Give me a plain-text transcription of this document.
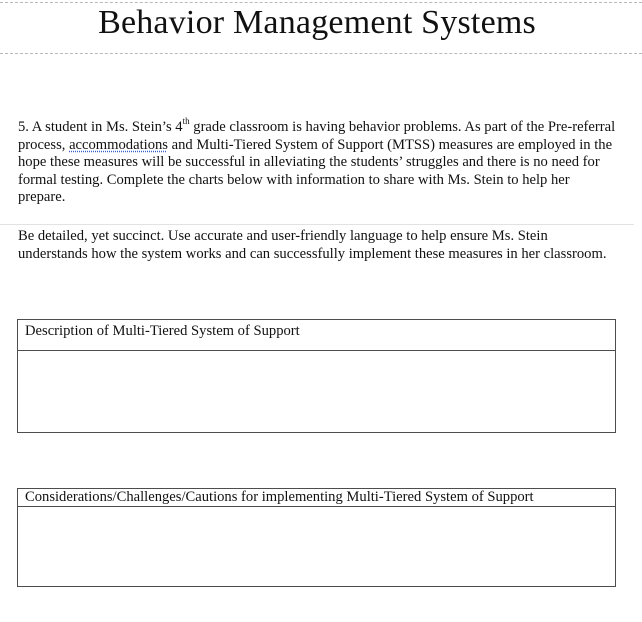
Behavior Management Systems
5. A student in Ms. Stein’s 4th grade classroom is having behavior problems. As part of the Pre-referral process, accommodations and Multi-Tiered System of Support (MTSS) measures are employed in the hope these measures will be successful in alleviating the students’ struggles and there is no need for formal testing. Complete the charts below with information to share with Ms. Stein to help her prepare.
Be detailed, yet succinct. Use accurate and user-friendly language to help ensure Ms. Stein understands how the system works and can successfully implement these measures in her classroom.
Description of Multi-Tiered System of Support
Considerations/Challenges/Cautions for implementing Multi-Tiered System of Support
